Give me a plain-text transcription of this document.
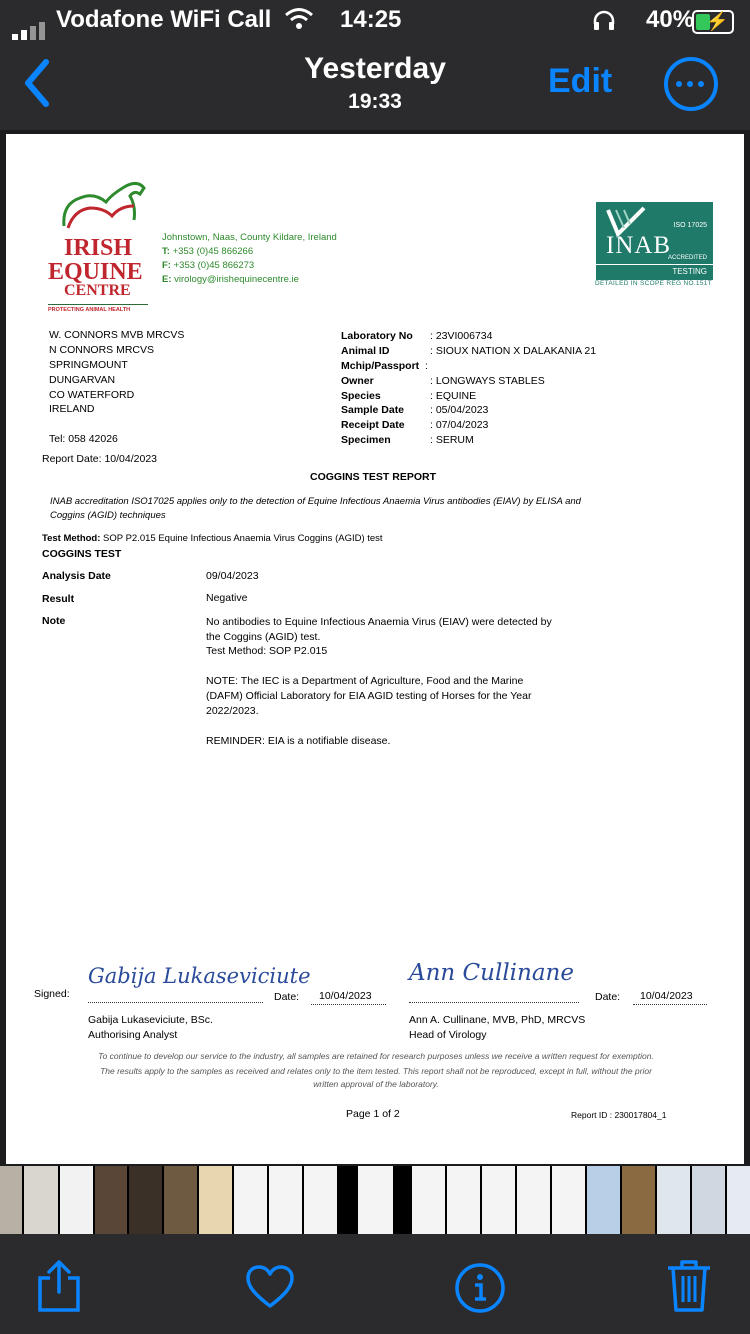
Vodafone WiFi Call	14:25	40% ⚡
Yesterday
19:33
Edit
IRISH
EQUINE
CENTRE
PROTECTING ANIMAL HEALTH
Johnstown, Naas, County Kildare, Ireland
T: +353 (0)45 866266
F: +353 (0)45 866273
E: virology@irishequinecentre.ie
ISO 17025
INAB
ACCREDITED
TESTING
DETAILED IN SCOPE REG NO.151T
W. CONNORS MVB MRCVS
N CONNORS MRCVS
SPRINGMOUNT
DUNGARVAN
CO WATERFORD
IRELAND
Tel: 058 42026
Report Date: 10/04/2023
Laboratory No : 23VI006734
Animal ID	: SIOUX NATION X DALAKANIA 21
Mchip/Passport :
Owner	: LONGWAYS STABLES
Species	: EQUINE
Sample Date : 05/04/2023
Receipt Date : 07/04/2023
Specimen	: SERUM
COGGINS TEST REPORT
INAB accreditation ISO17025 applies only to the detection of Equine Infectious Anaemia Virus antibodies (EIAV) by ELISA and
Coggins (AGID) techniques
Test Method: SOP P2.015 Equine Infectious Anaemia Virus Coggins (AGID) test
COGGINS TEST
Analysis Date	09/04/2023
Result	Negative
Note	No antibodies to Equine Infectious Anaemia Virus (EIAV) were detected by
the Coggins (AGID) test.
Test Method: SOP P2.015
NOTE: The IEC is a Department of Agriculture, Food and the Marine
(DAFM) Official Laboratory for EIA AGID testing of Horses for the Year
2022/2023.
REMINDER: EIA is a notifiable disease.
Signed:
Gabija Lukaseviciute
Date: 10/04/2023
Gabija Lukaseviciute, BSc.
Authorising Analyst
Ann Cullinane
Date: 10/04/2023
Ann A. Cullinane, MVB, PhD, MRCVS
Head of Virology
To continue to develop our service to the industry, all samples are retained for research purposes unless we receive a written request for exemption.
The results apply to the samples as received and relates only to the item tested. This report shall not be reproduced, except in full, without the prior
written approval of the laboratory.
Page 1 of 2	Report ID : 230017804_1
